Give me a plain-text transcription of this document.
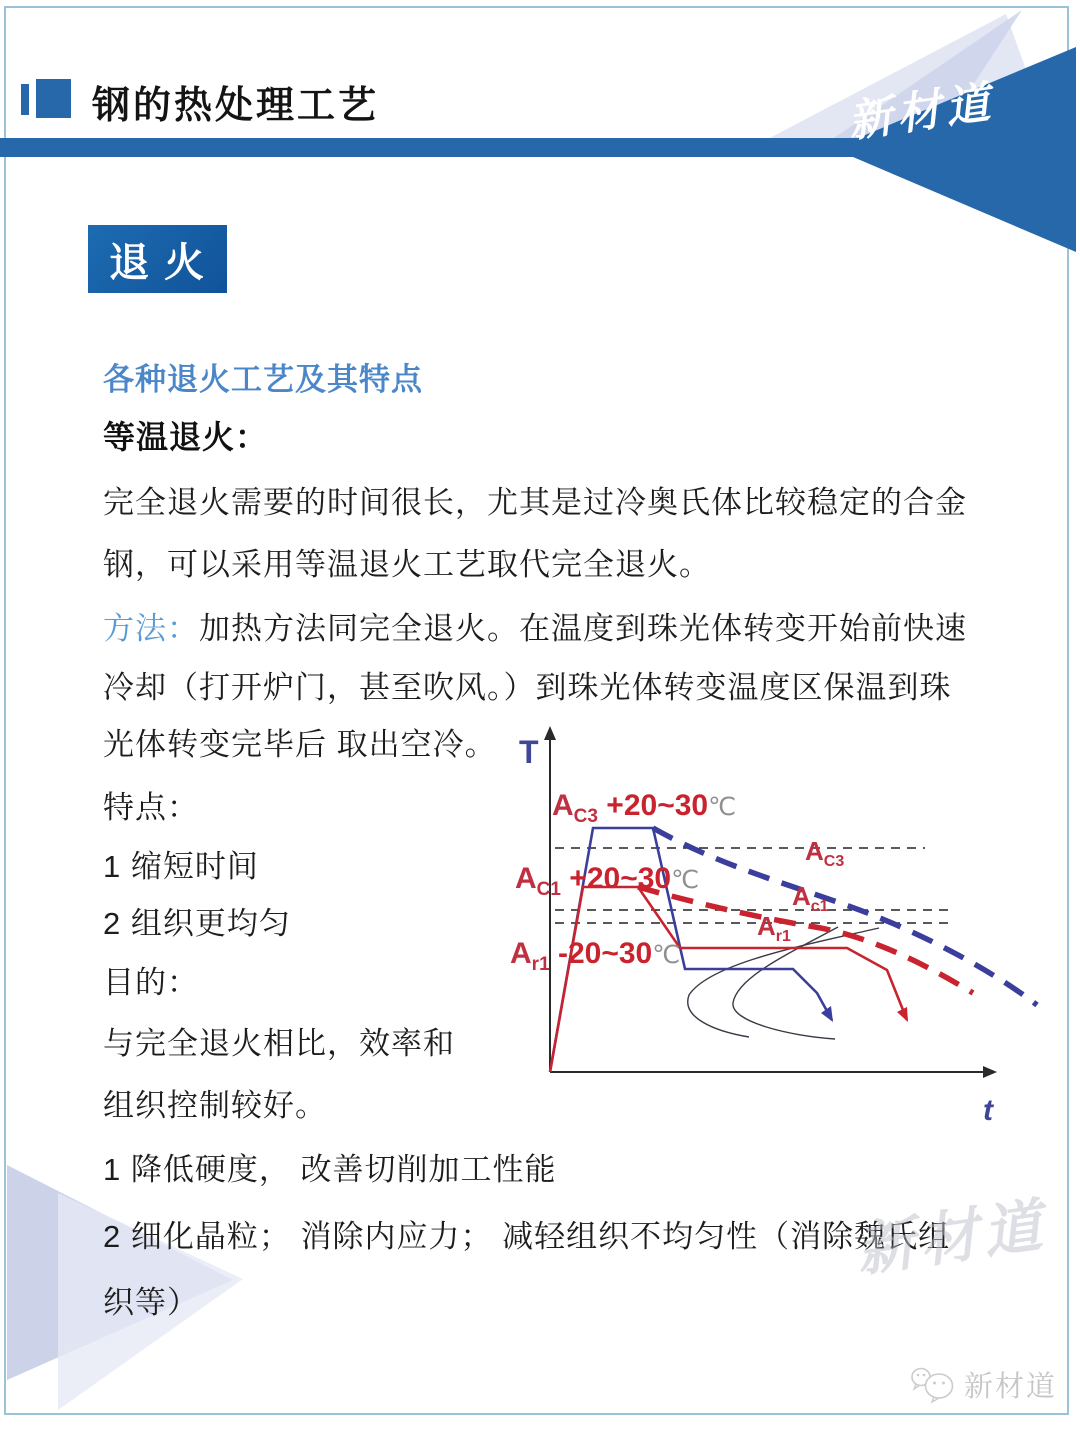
钢的热处理工艺	新材道
退 火
各种退火工艺及其特点
等温退火：
完全退火需要的时间很长，尤其是过冷奥氏体比较稳定的合金
钢，可以采用等温退火工艺取代完全退火。
方法：加热方法同完全退火。在温度到珠光体转变开始前快速
冷却（打开炉门，甚至吹风。）到珠光体转变温度区保温到珠
光体转变完毕后 取出空冷。
特点：
1 缩短时间
2 组织更均匀
目的：
与完全退火相比，效率和
组织控制较好。
1 降低硬度， 改善切削加工性能
2 细化晶粒； 消除内应力； 减轻组织不均匀性（消除魏氏组
织等）
T
t
AC3 +20~30℃
AC1 +20~30℃
Ar1 -20~30℃
AC3
Ac1
Ar1
新材道
新材道
